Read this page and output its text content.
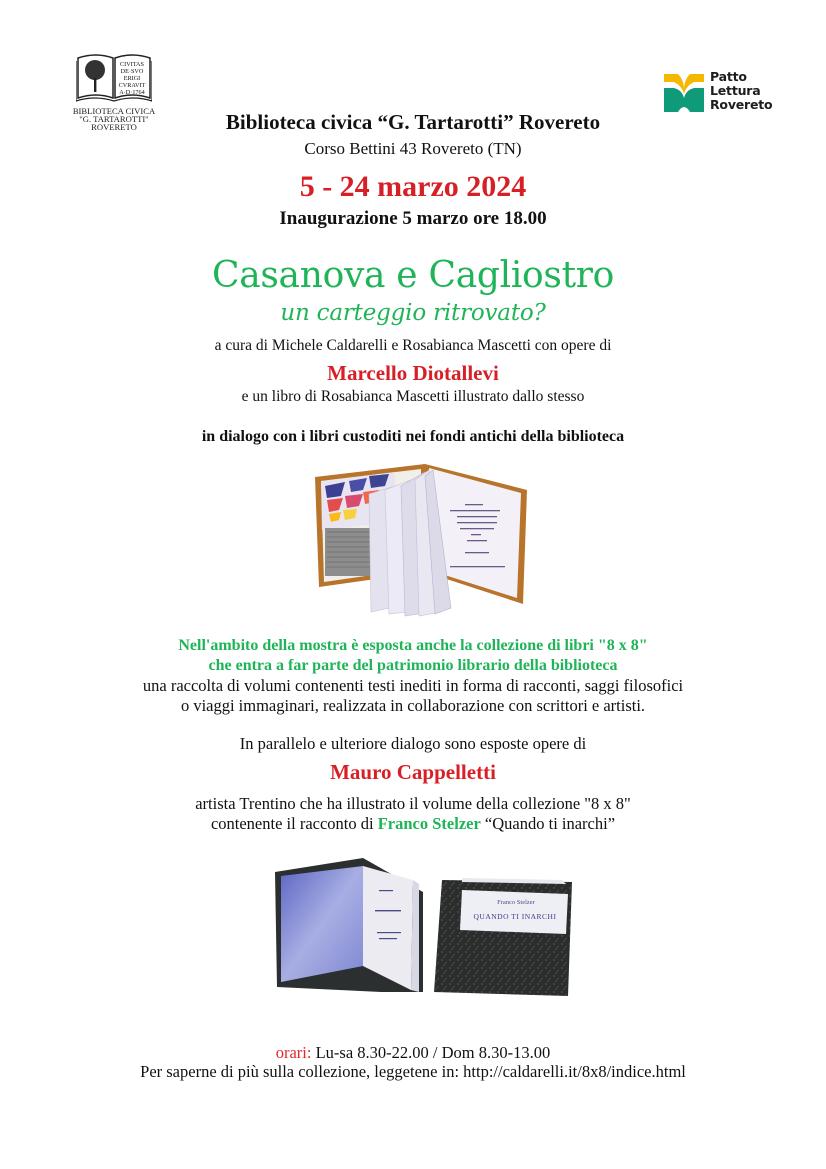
CIVITAS
DE·SVO
ERIGI
CVRAVIT
A·D·1764
BIBLIOTECA CIVICA
"G. TARTAROTTI"
ROVERETO
Patto
Lettura
Rovereto
Biblioteca civica “G. Tartarotti” Rovereto
Corso Bettini 43 Rovereto (TN)
5 - 24 marzo 2024
Inaugurazione 5 marzo ore 18.00
Casanova e Cagliostro
un carteggio ritrovato?
a cura di Michele Caldarelli e Rosabianca Mascetti con opere di
Marcello Diotallevi
e un libro di Rosabianca Mascetti illustrato dallo stesso
in dialogo con i libri custoditi nei fondi antichi della biblioteca
Nell'ambito della mostra è esposta anche la collezione di libri "8 x 8"
che entra a far parte del patrimonio librario della biblioteca
una raccolta di volumi contenenti testi inediti in forma di racconti, saggi filosofici
o viaggi immaginari, realizzata in collaborazione con scrittori e artisti.
In parallelo e ulteriore dialogo sono esposte opere di
Mauro Cappelletti
artista Trentino che ha illustrato il volume della collezione "8 x 8"
contenente il racconto di Franco Stelzer “Quando ti inarchi”
Franco Stelzer
QUANDO TI INARCHI
orari: Lu-sa 8.30-22.00 / Dom 8.30-13.00
Per saperne di più sulla collezione, leggetene in: http://caldarelli.it/8x8/indice.html
